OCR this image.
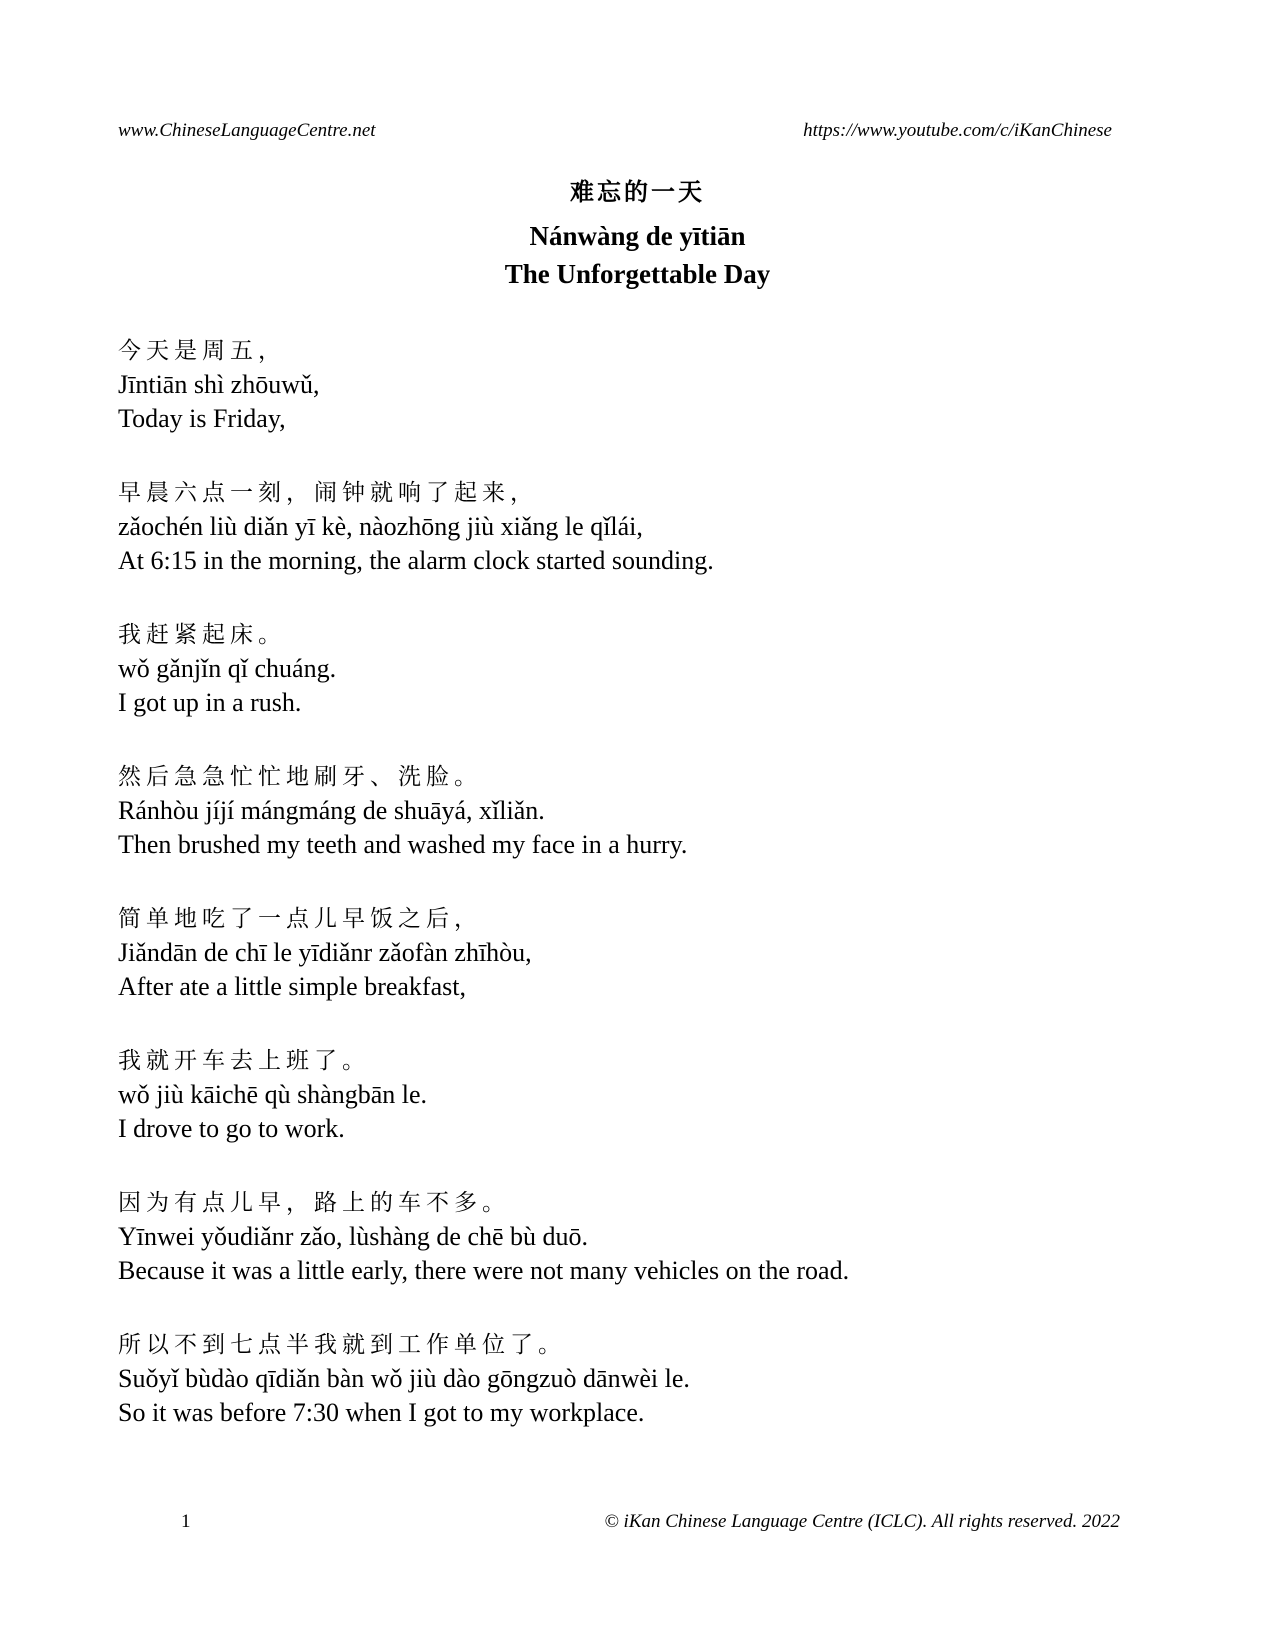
www.ChineseLanguageCentre.net	https://www.youtube.com/c/iKanChinese
难忘的一天
Nánwàng de yītiān
The Unforgettable Day
今天是周五，
Jīntiān shì zhōuwǔ,
Today is Friday,
早晨六点一刻，闹钟就响了起来，
zǎochén liù diǎn yī kè, nàozhōng jiù xiǎng le qǐlái,
At 6:15 in the morning, the alarm clock started sounding.
我赶紧起床。
wǒ gǎnjǐn qǐ chuáng.
I got up in a rush.
然后急急忙忙地刷牙、洗脸。
Ránhòu jíjí mángmáng de shuāyá, xǐliǎn.
Then brushed my teeth and washed my face in a hurry.
简单地吃了一点儿早饭之后，
Jiǎndān de chī le yīdiǎnr zǎofàn zhīhòu,
After ate a little simple breakfast,
我就开车去上班了。
wǒ jiù kāichē qù shàngbān le.
I drove to go to work.
因为有点儿早，路上的车不多。
Yīnwei yǒudiǎnr zǎo, lùshàng de chē bù duō.
Because it was a little early, there were not many vehicles on the road.
所以不到七点半我就到工作单位了。
Suǒyǐ bùdào qīdiǎn bàn wǒ jiù dào gōngzuò dānwèi le.
So it was before 7:30 when I got to my workplace.
1	© iKan Chinese Language Centre (ICLC). All rights reserved. 2022
